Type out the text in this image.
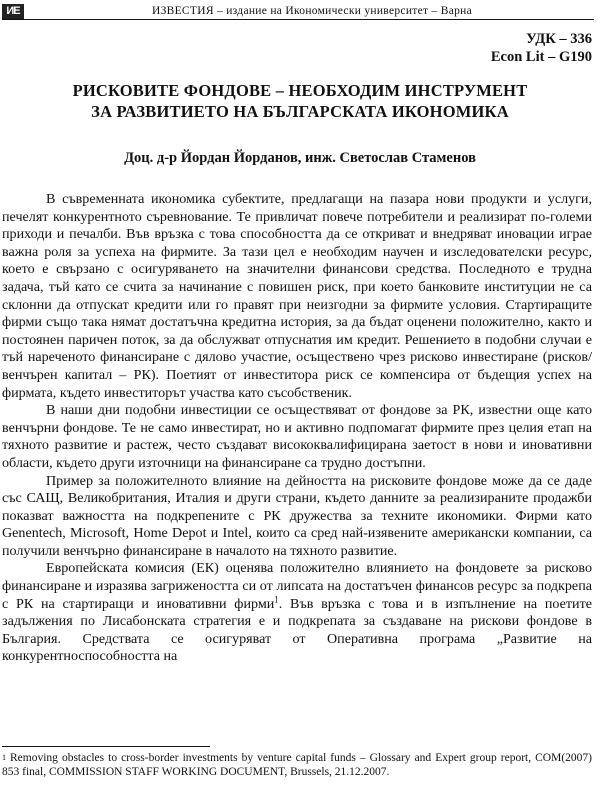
ИЕ	ИЗВЕСТИЯ – издание на Икономически университет – Варна
УДК – 336
Econ Lit – G190
РИСКОВИТЕ ФОНДОВЕ – НЕОБХОДИМ ИНСТРУМЕНТ
ЗА РАЗВИТИЕТО НА БЪЛГАРСКАТА ИКОНОМИКА
Доц. д-р Йордан Йорданов, инж. Светослав Стаменов

В съвременната икономика субектите, предлагащи на пазара нови продукти и услуги, печелят конкурентното съревнование. Те привличат повече потребители и реализират по-големи приходи и печалби. Във връзка с това способността да се откриват и внедряват иновации играе важна роля за успеха на фирмите. За тази цел е необходим научен и изследователски ресурс, което е свързано с осигуряването на значителни финансови средства. Последното е трудна задача, тъй като се счита за начинание с повишен риск, при което банковите институции не са склонни да отпускат кредити или го правят при неизгодни за фирмите условия. Стартиращите фирми също така нямат достатъчна кредитна история, за да бъдат оценени положително, както и постоянен паричен поток, за да обслужват отпуснатия им кредит. Решението в подобни случаи е тъй нареченото финансиране с дялово участие, осъществено чрез рисково инвестиране (рисков/ венчърен капитал – РК). Поетият от инвеститора риск се компенсира от бъдещия успех на фирмата, където инвеститорът участва като съсобственик.

В наши дни подобни инвестиции се осъществяват от фондове за РК, известни още като венчърни фондове. Те не само инвестират, но и активно подпомагат фирмите през целия етап на тяхното развитие и растеж, често създават висококвалифицирана заетост в нови и иновативни области, където други източници на финансиране са трудно достъпни.

Пример за положителното влияние на дейността на рисковите фондове може да се даде със САЩ, Великобритания, Италия и други страни, където данните за реализираните продажби показват важността на подкрепените с РК дружества за техните икономики. Фирми като Genentech, Microsoft, Home Depot и Intel, които са сред най-изявените американски компании, са получили венчърно финансиране в началото на тяхното развитие.

Европейската комисия (ЕК) оценява положително влиянието на фондовете за рисково финансиране и изразява загрижеността си от липсата на достатъчен финансов ресурс за подкрепа с РК на стартиращи и иновативни фирми$^1$. Във връзка с това и в изпълнение на поетите задължения по Лисабонската стратегия е и подкрепата за създаване на рискови фондове в България. Средствата се осигуряват от Оперативна програма „Развитие на конкурентноспособността на

$^1$ Removing obstacles to cross-border investments by venture capital funds – Glossary and Expert group report, COM(2007) 853 final, COMMISSION STAFF WORKING DOCUMENT, Brussels, 21.12.2007.
